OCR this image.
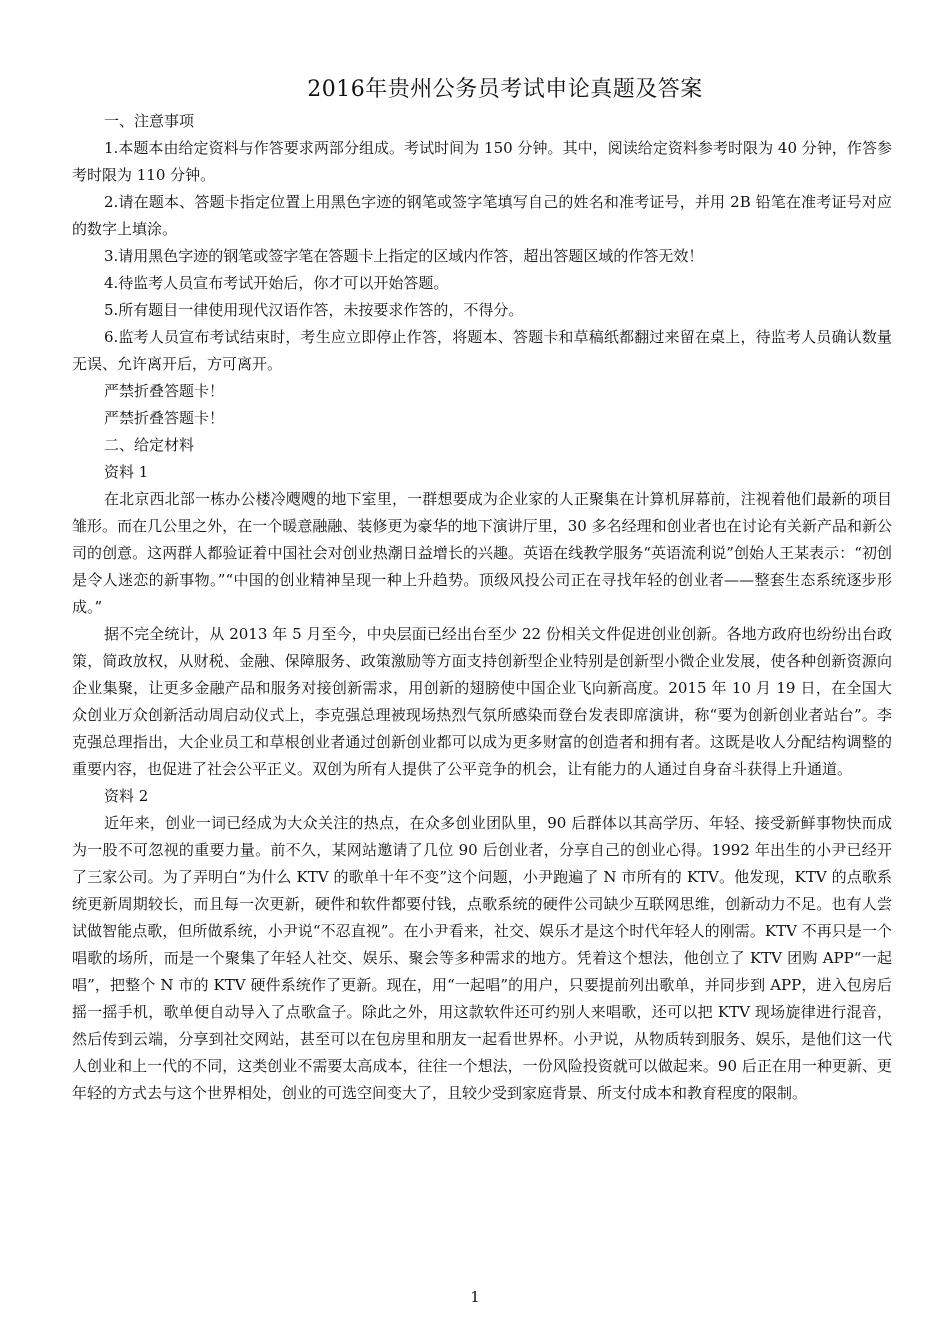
2016年贵州公务员考试申论真题及答案

一、注意事项

1.本题本由给定资料与作答要求两部分组成。考试时间为 150 分钟。其中，阅读给定资料参考时限为 40 分钟，作答参考时限为 110 分钟。

2.请在题本、答题卡指定位置上用黑色字迹的钢笔或签字笔填写自己的姓名和准考证号，并用 2B 铅笔在准考证号对应的数字上填涂。

3.请用黑色字迹的钢笔或签字笔在答题卡上指定的区域内作答，超出答题区域的作答无效！

4.待监考人员宣布考试开始后，你才可以开始答题。

5.所有题目一律使用现代汉语作答，未按要求作答的，不得分。

6.监考人员宣布考试结束时，考生应立即停止作答，将题本、答题卡和草稿纸都翻过来留在桌上，待监考人员确认数量无误、允许离开后，方可离开。

严禁折叠答题卡！

严禁折叠答题卡！

二、给定材料

资料 1

在北京西北部一栋办公楼冷飕飕的地下室里，一群想要成为企业家的人正聚集在计算机屏幕前，注视着他们最新的项目雏形。而在几公里之外，在一个暖意融融、装修更为豪华的地下演讲厅里，30 多名经理和创业者也在讨论有关新产品和新公司的创意。这两群人都验证着中国社会对创业热潮日益增长的兴趣。英语在线教学服务“英语流利说”创始人王某表示：“初创是令人迷恋的新事物。”“中国的创业精神呈现一种上升趋势。顶级风投公司正在寻找年轻的创业者——整套生态系统逐步形成。”

据不完全统计，从 2013 年 5 月至今，中央层面已经出台至少 22 份相关文件促进创业创新。各地方政府也纷纷出台政策，简政放权，从财税、金融、保障服务、政策激励等方面支持创新型企业特别是创新型小微企业发展，使各种创新资源向企业集聚，让更多金融产品和服务对接创新需求，用创新的翅膀使中国企业飞向新高度。2015 年 10 月 19 日，在全国大众创业万众创新活动周启动仪式上，李克强总理被现场热烈气氛所感染而登台发表即席演讲，称“要为创新创业者站台”。李克强总理指出，大企业员工和草根创业者通过创新创业都可以成为更多财富的创造者和拥有者。这既是收人分配结构调整的重要内容，也促进了社会公平正义。双创为所有人提供了公平竞争的机会，让有能力的人通过自身奋斗获得上升通道。

资料 2

近年来，创业一词已经成为大众关注的热点，在众多创业团队里，90 后群体以其高学历、年轻、接受新鲜事物快而成为一股不可忽视的重要力量。前不久，某网站邀请了几位 90 后创业者，分享自己的创业心得。1992 年出生的小尹已经开了三家公司。为了弄明白“为什么 KTV 的歌单十年不变”这个问题，小尹跑遍了 N 市所有的 KTV。他发现，KTV 的点歌系统更新周期较长，而且每一次更新，硬件和软件都要付钱，点歌系统的硬件公司缺少互联网思维，创新动力不足。也有人尝试做智能点歌，但所做系统，小尹说“不忍直视”。在小尹看来，社交、娱乐才是这个时代年轻人的刚需。KTV 不再只是一个唱歌的场所，而是一个聚集了年轻人社交、娱乐、聚会等多种需求的地方。凭着这个想法，他创立了 KTV 团购 APP“一起唱”，把整个 N 市的 KTV 硬件系统作了更新。现在，用“一起唱”的用户，只要提前列出歌单，并同步到 APP，进入包房后摇一摇手机，歌单便自动导入了点歌盒子。除此之外，用这款软件还可约别人来唱歌，还可以把 KTV 现场旋律进行混音，然后传到云端，分享到社交网站，甚至可以在包房里和朋友一起看世界杯。小尹说，从物质转到服务、娱乐，是他们这一代人创业和上一代的不同，这类创业不需要太高成本，往往一个想法，一份风险投资就可以做起来。90 后正在用一种更新、更年轻的方式去与这个世界相处，创业的可选空间变大了，且较少受到家庭背景、所支付成本和教育程度的限制。

1
